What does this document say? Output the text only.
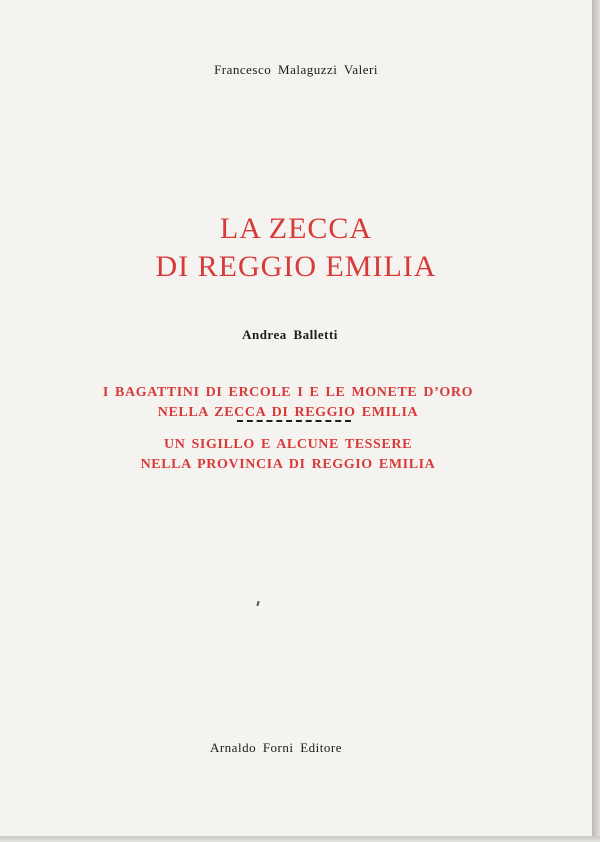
Francesco Malaguzzi Valeri
LA ZECCA
DI REGGIO EMILIA
Andrea Balletti
I BAGATTINI DI ERCOLE I E LE MONETE D’ORO
NELLA ZECCA DI REGGIO EMILIA
UN SIGILLO E ALCUNE TESSERE
NELLA PROVINCIA DI REGGIO EMILIA
Arnaldo Forni Editore
